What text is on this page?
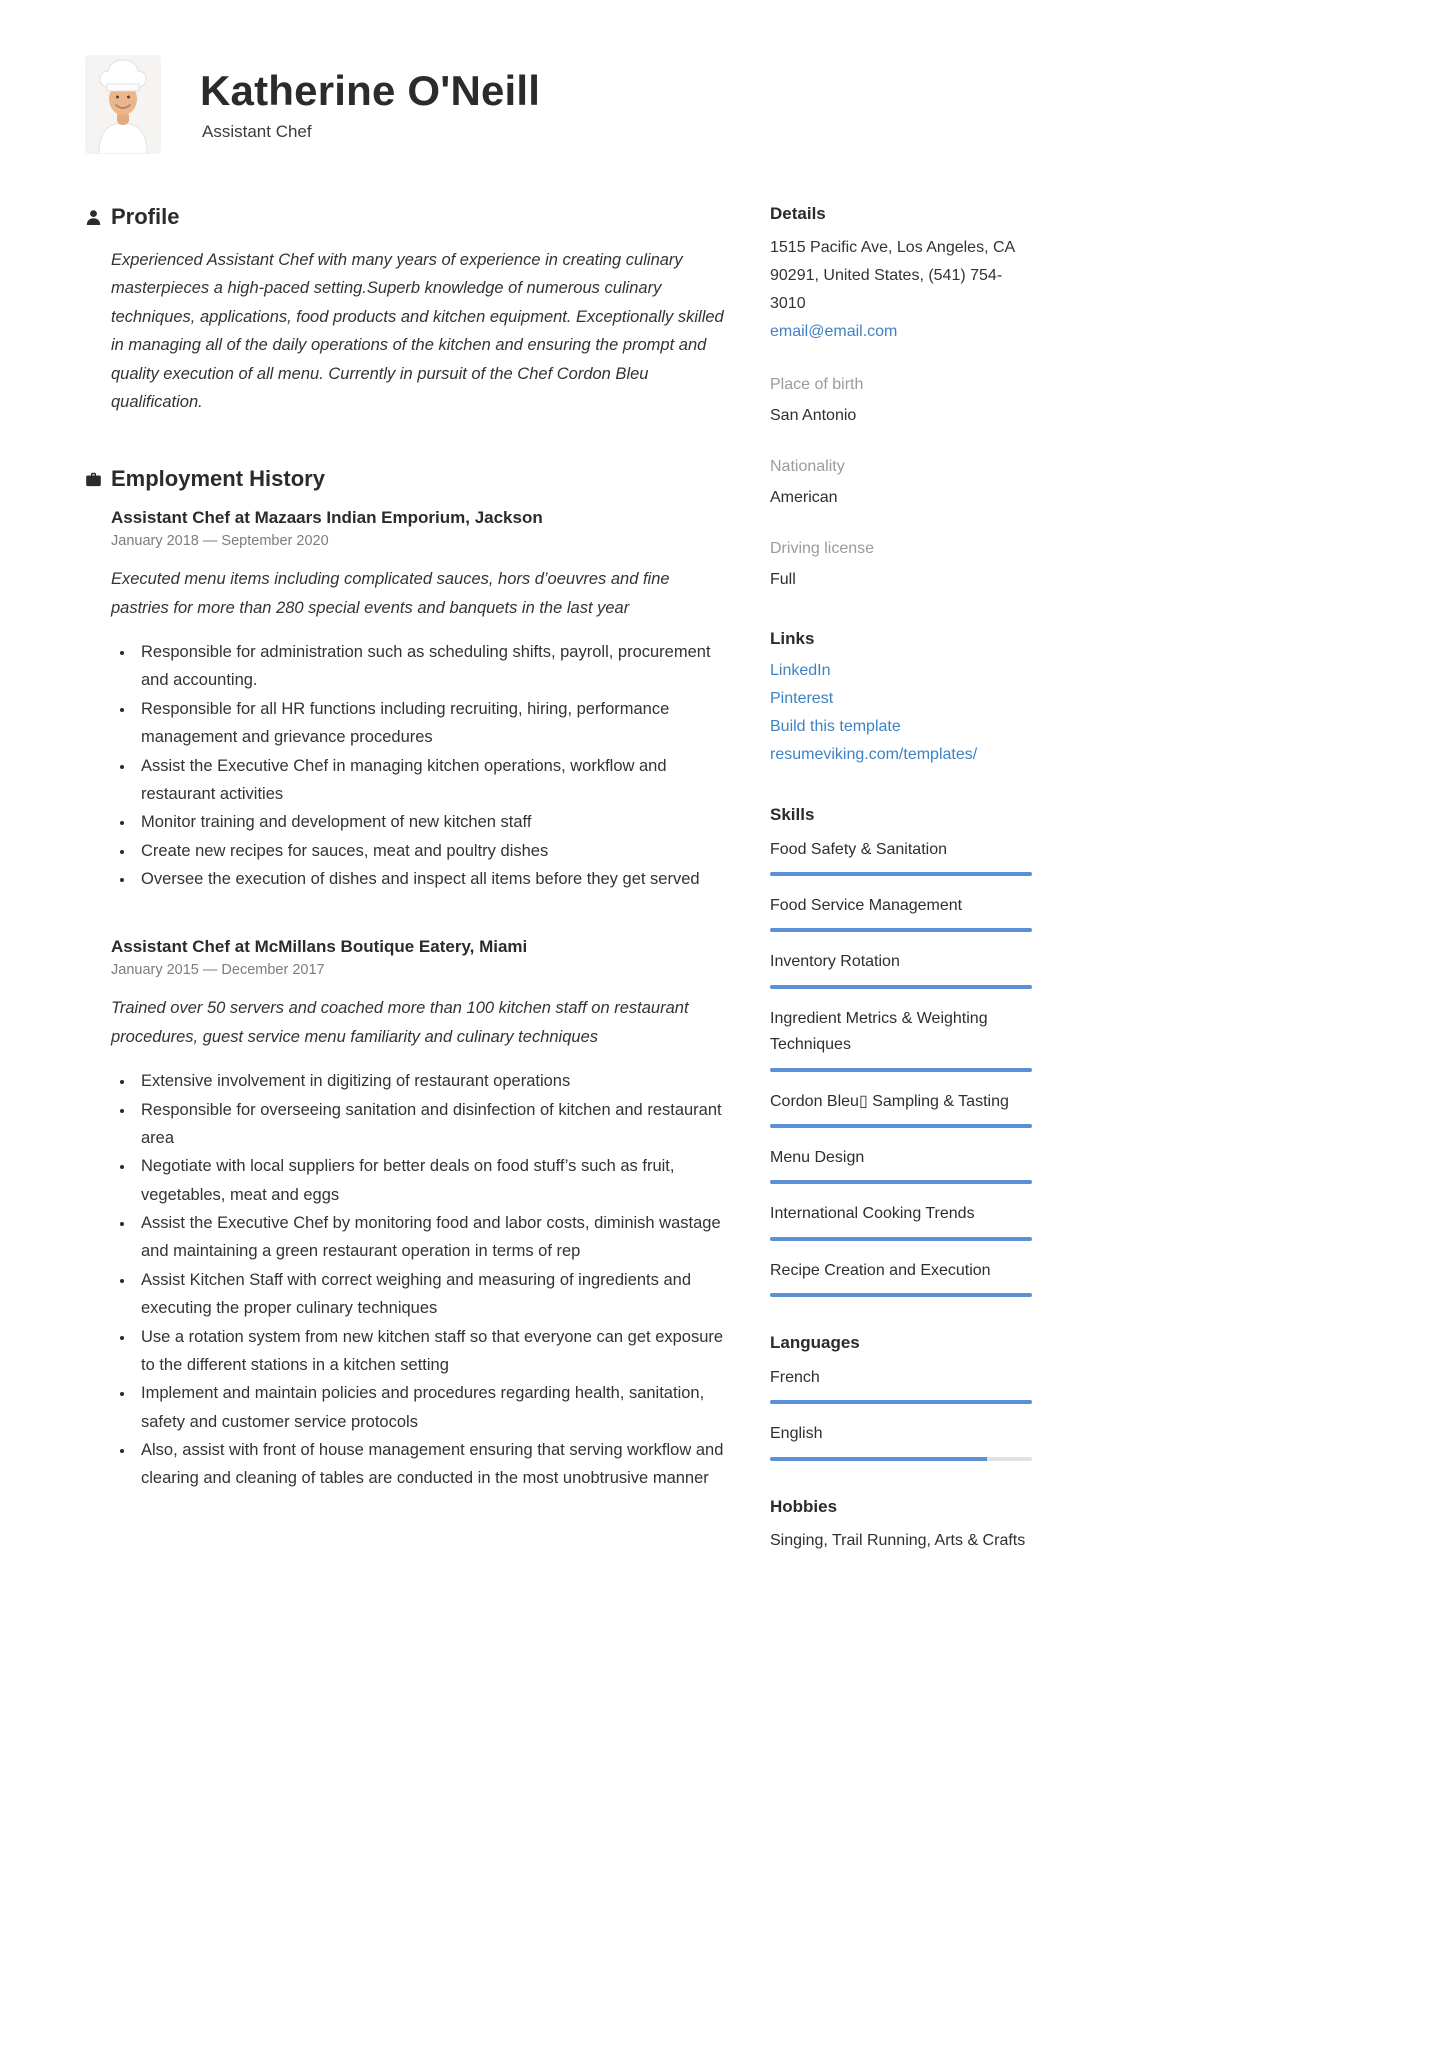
Katherine O'Neill
Assistant Chef
Profile

Experienced Assistant Chef with many years of experience in creating culinary masterpieces a high-paced setting.Superb knowledge of numerous culinary techniques, applications, food products and kitchen equipment. Exceptionally skilled in managing all of the daily operations of the kitchen and ensuring the prompt and quality execution of all menu. Currently in pursuit of the Chef Cordon Bleu qualification.

Employment History
Assistant Chef at Mazaars Indian Emporium, Jackson
January 2018 — September 2020

Executed menu items including complicated sauces, hors d’oeuvres and fine pastries for more than 280 special events and banquets in the last year

• Responsible for administration such as scheduling shifts, payroll, procurement and accounting.
• Responsible for all HR functions including recruiting, hiring, performance management and grievance procedures
• Assist the Executive Chef in managing kitchen operations, workflow and restaurant activities
• Monitor training and development of new kitchen staff
• Create new recipes for sauces, meat and poultry dishes
• Oversee the execution of dishes and inspect all items before they get served
Assistant Chef at McMillans Boutique Eatery, Miami
January 2015 — December 2017

Trained over 50 servers and coached more than 100 kitchen staff on restaurant procedures, guest service menu familiarity and culinary techniques

• Extensive involvement in digitizing of restaurant operations
• Responsible for overseeing sanitation and disinfection of kitchen and restaurant area
• Negotiate with local suppliers for better deals on food stuff’s such as fruit, vegetables, meat and eggs
• Assist the Executive Chef by monitoring food and labor costs, diminish wastage and maintaining a green restaurant operation in terms of rep
• Assist Kitchen Staff with correct weighing and measuring of ingredients and executing the proper culinary techniques
• Use a rotation system from new kitchen staff so that everyone can get exposure to the different stations in a kitchen setting
• Implement and maintain policies and procedures regarding health, sanitation, safety and customer service protocols
• Also, assist with front of house management ensuring that serving workflow and clearing and cleaning of tables are conducted in the most unobtrusive manner
Details
1515 Pacific Ave, Los Angeles, CA 90291, United States, (541) 754-3010
email@email.com
Place of birth
San Antonio
Nationality
American
Driving license
Full
Links
LinkedIn
Pinterest
Build this template
resumeviking.com/templates/
Skills
Food Safety & Sanitation
Food Service Management
Inventory Rotation
Ingredient Metrics & Weighting Techniques
Cordon Bleu▯ Sampling & Tasting
Menu Design
International Cooking Trends
Recipe Creation and Execution
Languages
French
English
Hobbies
Singing, Trail Running, Arts & Crafts
